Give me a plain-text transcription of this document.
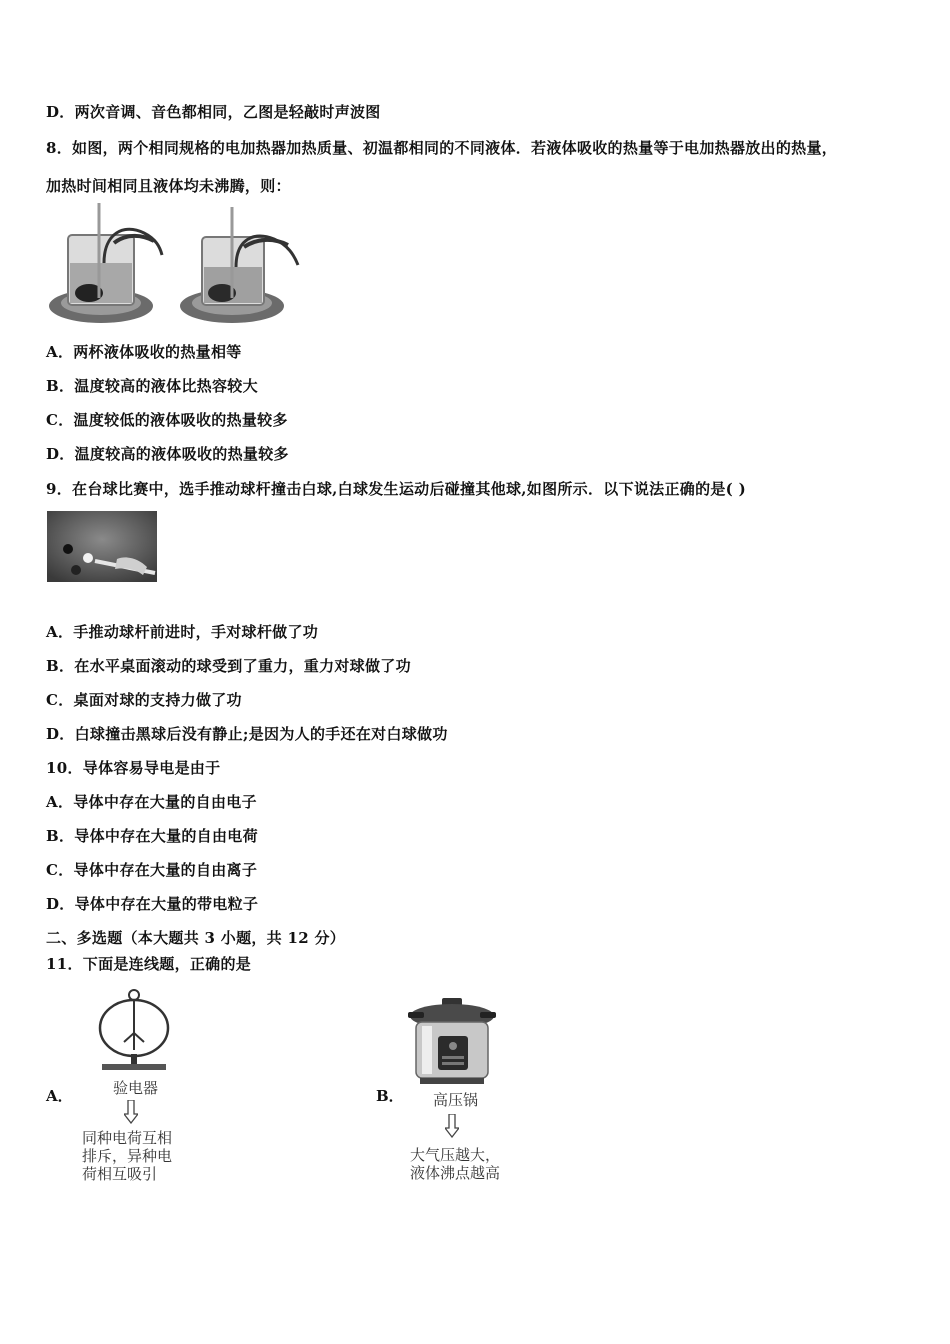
D．两次音调、音色都相同，乙图是轻敲时声波图
8．如图，两个相同规格的电加热器加热质量、初温都相同的不同液体．若液体吸收的热量等于电加热器放出的热量，
加热时间相同且液体均未沸腾，则：
A．两杯液体吸收的热量相等
B．温度较高的液体比热容较大
C．温度较低的液体吸收的热量较多
D．温度较高的液体吸收的热量较多
9．在台球比赛中，选手推动球杆撞击白球,白球发生运动后碰撞其他球,如图所示．以下说法正确的是( )
A．手推动球杆前进时，手对球杆做了功
B．在水平桌面滚动的球受到了重力，重力对球做了功
C．桌面对球的支持力做了功
D．白球撞击黑球后没有静止;是因为人的手还在对白球做功
10．导体容易导电是由于
A．导体中存在大量的自由电子
B．导体中存在大量的自由电荷
C．导体中存在大量的自由离子
D．导体中存在大量的带电粒子
二、多选题（本大题共 3 小题，共 12 分）
11．下面是连线题，正确的是
A．	验电器
同种电荷互相
排斥，异种电
荷相互吸引
B． 高压锅
大气压越大，
液体沸点越高
